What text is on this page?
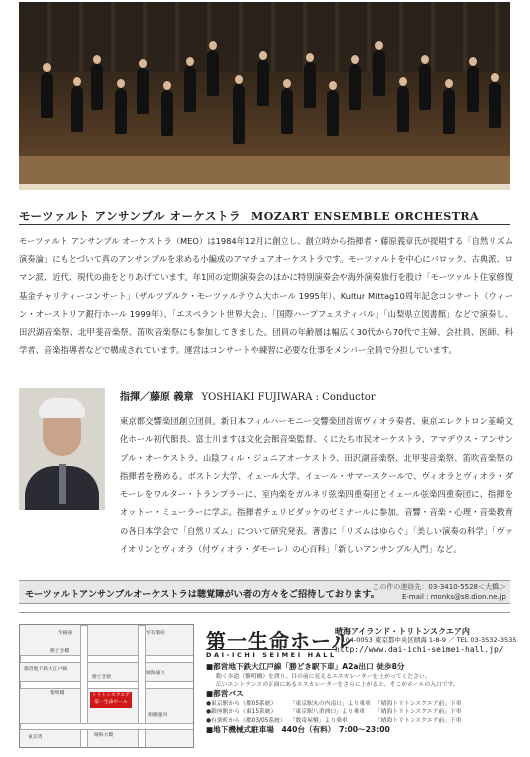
モーツァルト アンサンブル オーケストラ MOZART ENSEMBLE ORCHESTRA
モーツァルト アンサンブル オーケストラ（MEO）は1984年12月に創立し、創立時から指揮者・藤原義章氏が提唱する「自然リズム演奏論」にもとづいて真のアンサンブルを求める小編成のアマチュアオーケストラです。モーツァルトを中心にバロック、古典派、ロマン派、近代、現代の曲をとりあげています。年1回の定期演奏会のほかに特別演奏会や海外演奏旅行を股け「モーツァルト住家修復基金チャリティーコンサート」（ザルツブルク・モーツァルテウム大ホール 1995年）、Kultur Mittag10周年記念コンサート（ウィーン・オーストリア銀行ホール 1999年）、「エスペラント世界大会」、「国際ハープフェスティバル」「山梨県立図書館」などで演奏し、田沢湖音楽祭、北甲斐音楽祭、笛吹音楽祭にも参加してきました。団員の年齢層は幅広く30代から70代で主婦、会社員、医師、科学者、音楽指導者などで構成されています。運営はコンサートや練習に必要な仕事をメンバー全員で分担しています。
指揮／藤原 義章 YOSHIAKI FUJIWARA : Conductor
東京都交響楽団創立団員。新日本フィルハーモニー交響楽団首席ヴィオラ奏者、東京エレクトロン韮崎文化ホール初代館長、富士川ますほ文化会館音楽監督、くにたち市民オーケストラ、アマデウス・アンサンブル・オーケストラ、山陰フィル・ジュニアオーケストラ、田沢湖音楽祭、北甲斐音楽祭、笛吹音楽祭の指揮者を務める。ボストン大学、イェール大学、イェール・サマースクールで、ヴィオラとヴィオラ・ダモーレをワルター・トランプラーに、室内楽をガルネリ弦楽四重奏団とイェール弦楽四重奏団に、指揮をオットー・ミューラーに学ぶ。指揮者チェリビダッケのゼミナールに参加。音響・音楽・心理・音楽教育の各日本学会で「自然リズム」について研究発表。著書に「リズムはゆらぐ」「美しい演奏の科学」「ヴァイオリンとヴィオラ（付ヴィオラ・ダモーレ）の心百科」「新しいアンサンブル入門」など。
モーツァルトアンサンブルオーケストラは聴覚障がい者の方々をご招待しております。
この件の連絡先：03-3410-5528＜大橋＞
E-mail : monks@s8.dion.ne.jp
トリトンスクエア
第一生命ホール
至銀座
勝どき橋
至有楽町
都営地下鉄大江戸線
黎明橋
勝どき駅
晴海通り
朝潮運河
東京湾	晴海大橋
第一生命ホール
DAI-ICHI SEIMEI HALL
晴海アイランド・トリトンスクエア内
〒104-0053 東京都中央区晴海 1-8-9 ／ TEL 03-3532-3535
http://www.dai-ichi-seimei-hall.jp/
■都営地下鉄大江戸線「勝どき駅下車」A2a出口 徒歩8分
動く歩道（黎明橋）を渡り、目の前に見えるエスカレーターを上がってください。
広いエントランスの正面にあるエスカレーターをさらに上がると、そこがホールの入口です。
■都営バス
●東京駅から（都05系統）	「東京駅丸の内南口」より乗車	「晴海トリトンスクエア前」下車
●銀座駅から（東15系統）	「東京駅八重洲口」より乗車	「晴海トリトンスクエア前」下車
●有楽町から（都03/05系統）	「数寄屋橋」より乗車	「晴海トリトンスクエア前」下車
■地下機械式駐車場　440台（有料）　7:00〜23:00
